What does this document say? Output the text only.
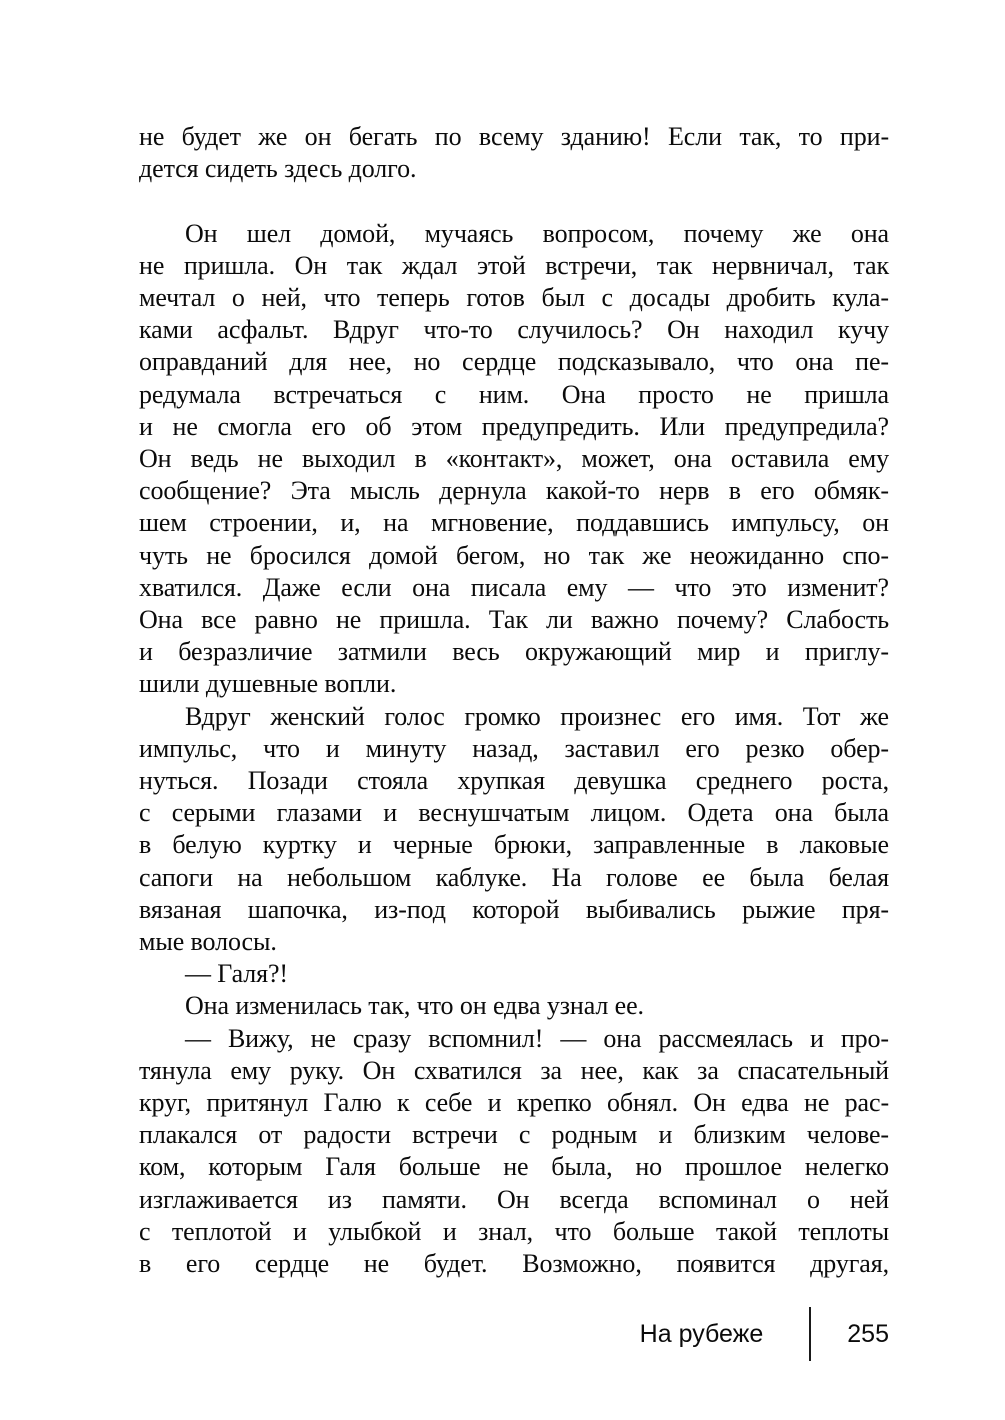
не будет же он бегать по всему зданию! Если так, то при-
дется сидеть здесь долго.
Он шел домой, мучаясь вопросом, почему же она
не пришла. Он так ждал этой встречи, так нервничал, так
мечтал о ней, что теперь готов был с досады дробить кула-
ками асфальт. Вдруг что-то случилось? Он находил кучу
оправданий для нее, но сердце подсказывало, что она пе-
редумала встречаться с ним. Она просто не пришла
и не смогла его об этом предупредить. Или предупредила?
Он ведь не выходил в «контакт», может, она оставила ему
сообщение? Эта мысль дернула какой-то нерв в его обмяк-
шем строении, и, на мгновение, поддавшись импульсу, он
чуть не бросился домой бегом, но так же неожиданно спо-
хватился. Даже если она писала ему — что это изменит?
Она все равно не пришла. Так ли важно почему? Слабость
и безразличие затмили весь окружающий мир и приглу-
шили душевные вопли.
Вдруг женский голос громко произнес его имя. Тот же
импульс, что и минуту назад, заставил его резко обер-
нуться. Позади стояла хрупкая девушка среднего роста,
с серыми глазами и веснушчатым лицом. Одета она была
в белую куртку и черные брюки, заправленные в лаковые
сапоги на небольшом каблуке. На голове ее была белая
вязаная шапочка, из-под которой выбивались рыжие пря-
мые волосы.
— Галя?!
Она изменилась так, что он едва узнал ее.
— Вижу, не сразу вспомнил! — она рассмеялась и про-
тянула ему руку. Он схватился за нее, как за спасательный
круг, притянул Галю к себе и крепко обнял. Он едва не рас-
плакался от радости встречи с родным и близким челове-
ком, которым Галя больше не была, но прошлое нелегко
изглаживается из памяти. Он всегда вспоминал о ней
с теплотой и улыбкой и знал, что больше такой теплоты
в его сердце не будет. Возможно, появится другая,
На рубеже	255
